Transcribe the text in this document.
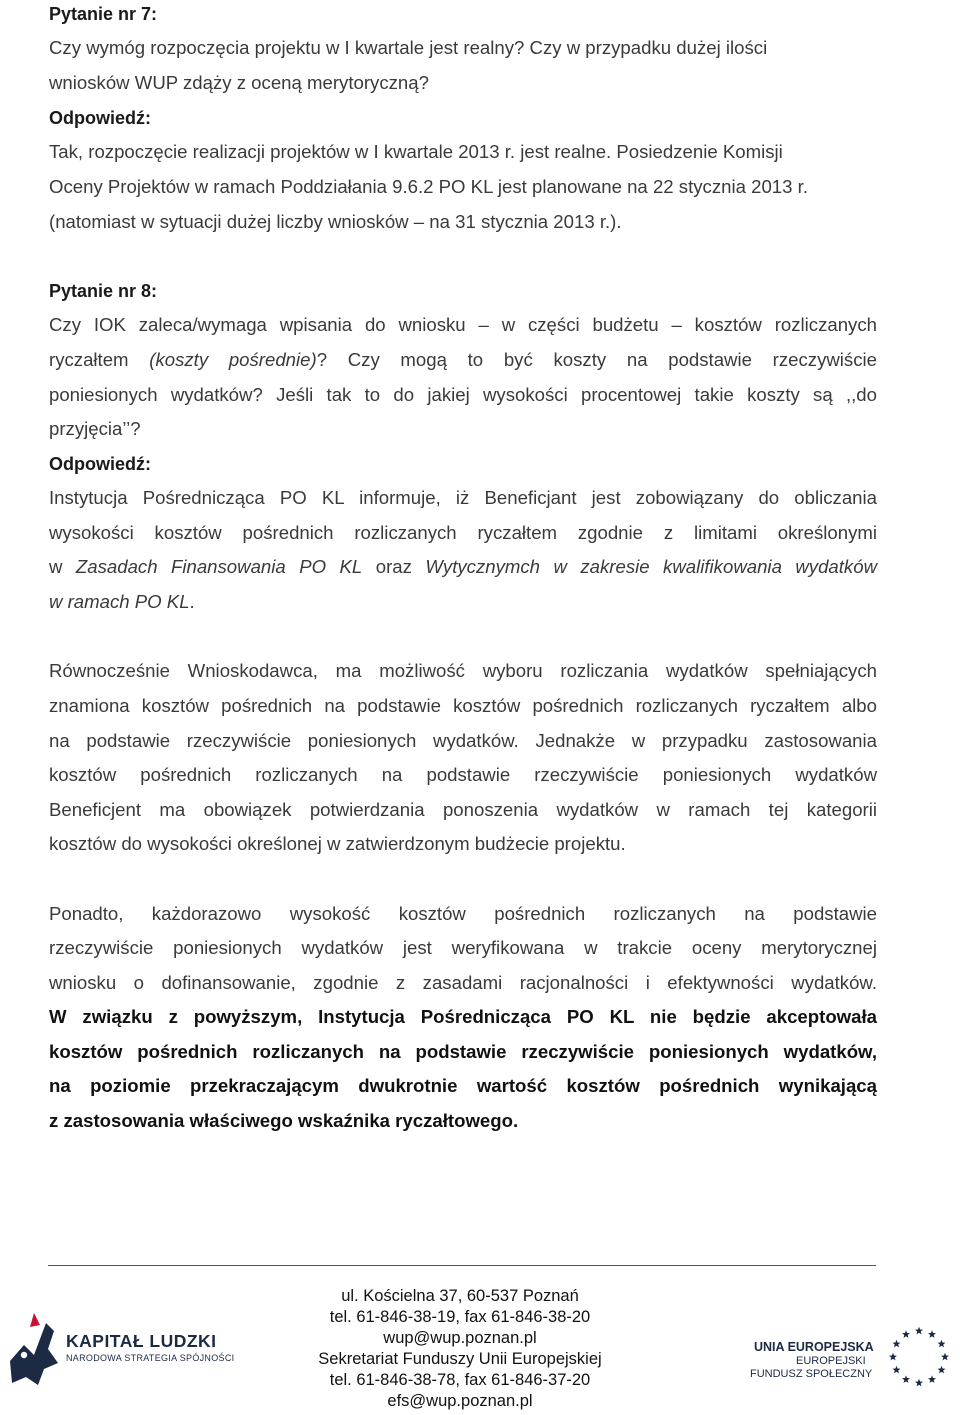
Pytanie nr 7:
Czy wymóg rozpoczęcia projektu w I kwartale jest realny? Czy w przypadku dużej ilości
wniosków WUP zdąży z oceną merytoryczną?
Odpowiedź:
Tak, rozpoczęcie realizacji projektów w I kwartale 2013 r. jest realne. Posiedzenie Komisji
Oceny Projektów w ramach Poddziałania 9.6.2 PO KL jest planowane na 22 stycznia 2013 r.
(natomiast w sytuacji dużej liczby wniosków – na 31 stycznia 2013 r.).
Pytanie nr 8:
Czy IOK zaleca/wymaga wpisania do wniosku – w części budżetu – kosztów rozliczanych
ryczałtem (koszty pośrednie)? Czy mogą to być koszty na podstawie rzeczywiście
poniesionych wydatków? Jeśli tak to do jakiej wysokości procentowej takie koszty są ,,do
przyjęcia’’?
Odpowiedź:
Instytucja Pośrednicząca PO KL informuje, iż Beneficjant jest zobowiązany do obliczania
wysokości kosztów pośrednich rozliczanych ryczałtem zgodnie z limitami określonymi
w Zasadach Finansowania PO KL oraz Wytycznymch w zakresie kwalifikowania wydatków
w ramach PO KL.
Równocześnie Wnioskodawca, ma możliwość wyboru rozliczania wydatków spełniających
znamiona kosztów pośrednich na podstawie kosztów pośrednich rozliczanych ryczałtem albo
na podstawie rzeczywiście poniesionych wydatków. Jednakże w przypadku zastosowania
kosztów pośrednich rozliczanych na podstawie rzeczywiście poniesionych wydatków
Beneficjent ma obowiązek potwierdzania ponoszenia wydatków w ramach tej kategorii
kosztów do wysokości określonej w zatwierdzonym budżecie projektu.
Ponadto, każdorazowo wysokość kosztów pośrednich rozliczanych na podstawie
rzeczywiście poniesionych wydatków jest weryfikowana w trakcie oceny merytorycznej
wniosku o dofinansowanie, zgodnie z zasadami racjonalności i efektywności wydatków.
W związku z powyższym, Instytucja Pośrednicząca PO KL nie będzie akceptowała
kosztów pośrednich rozliczanych na podstawie rzeczywiście poniesionych wydatków,
na poziomie przekraczającym dwukrotnie wartość kosztów pośrednich wynikającą
z zastosowania właściwego wskaźnika ryczałtowego.
ul. Kościelna 37, 60-537 Poznań
tel. 61-846-38-19, fax 61-846-38-20
wup@wup.poznan.pl
Sekretariat Funduszy Unii Europejskiej
tel. 61-846-38-78, fax 61-846-37-20
efs@wup.poznan.pl
KAPITAŁ LUDZKI
NARODOWA STRATEGIA SPÓJNOŚCI
UNIA EUROPEJSKA
EUROPEJSKI
FUNDUSZ SPOŁECZNY
